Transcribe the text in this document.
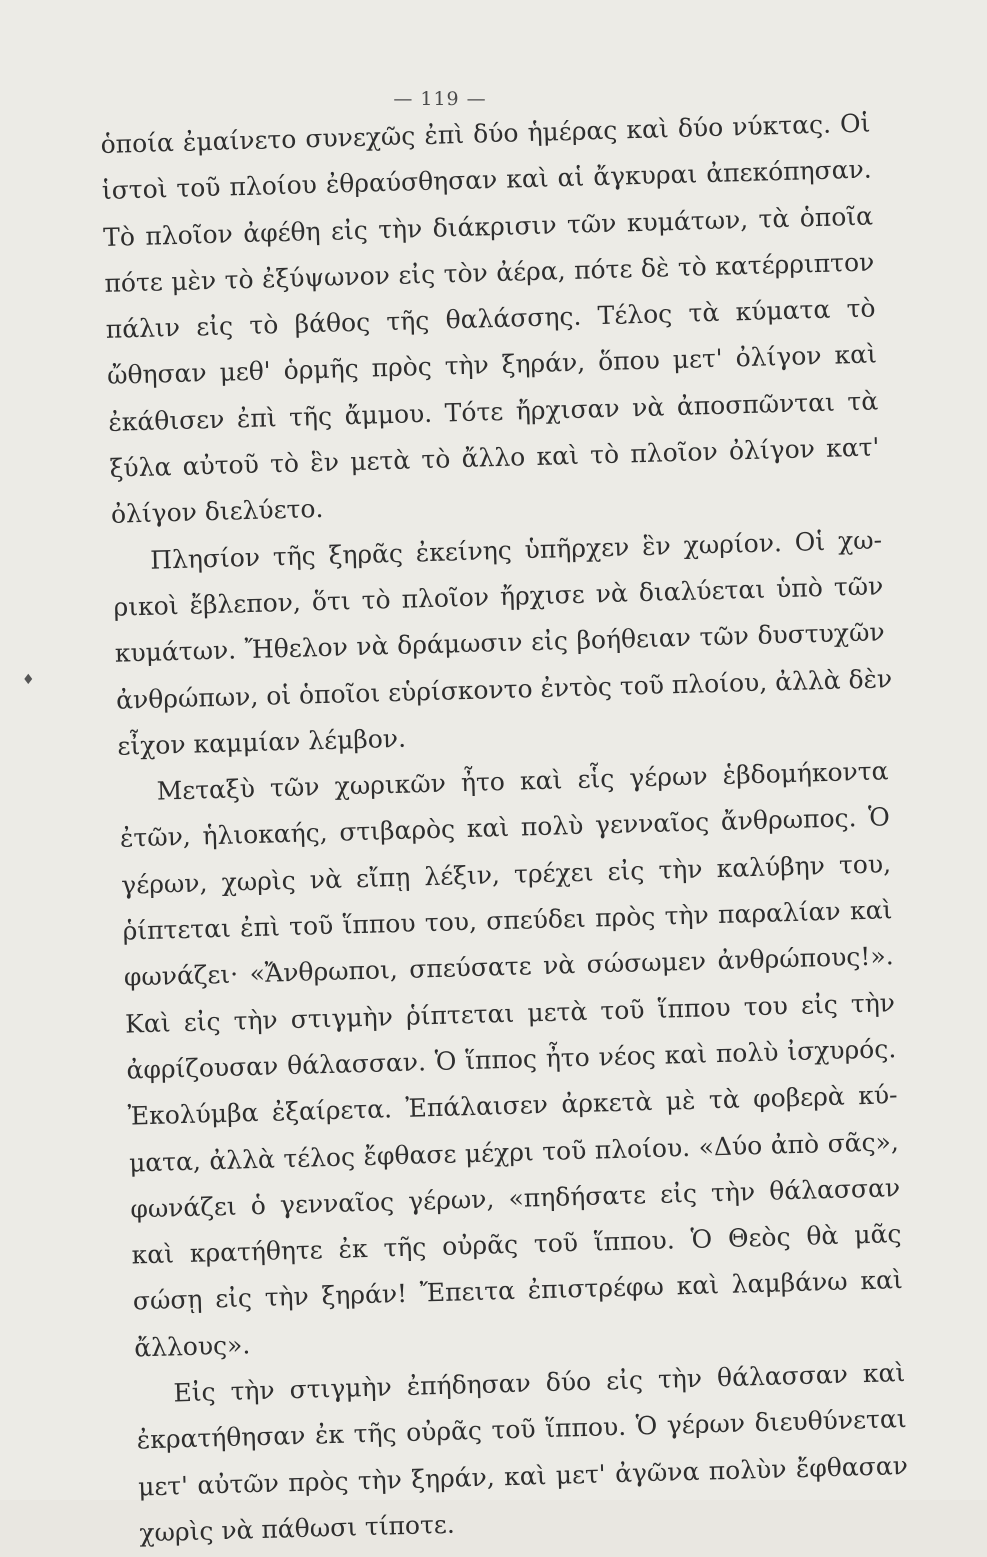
— 119 —
♦
ὁποία ἐμαίνετο συνεχῶς ἐπὶ δύο ἡμέρας καὶ δύο νύκτας. Οἱ
ἱστοὶ τοῦ πλοίου ἐθραύσθησαν καὶ αἱ ἄγκυραι ἀπεκόπησαν.
Τὸ πλοῖον ἀφέθη εἰς τὴν διάκρισιν τῶν κυμάτων, τὰ ὁποῖα
πότε μὲν τὸ ἐξύψωνον εἰς τὸν ἀέρα, πότε δὲ τὸ κατέρριπτον
πάλιν εἰς τὸ βάθος τῆς θαλάσσης. Τέλος τὰ κύματα τὸ
ὤθησαν μεθ' ὁρμῆς πρὸς τὴν ξηράν, ὅπου μετ' ὀλίγον καὶ
ἐκάθισεν ἐπὶ τῆς ἄμμου. Τότε ἤρχισαν νὰ ἀποσπῶνται τὰ
ξύλα αὐτοῦ τὸ ἓν μετὰ τὸ ἄλλο καὶ τὸ πλοῖον ὀλίγον κατ'
ὀλίγον διελύετο.
Πλησίον τῆς ξηρᾶς ἐκείνης ὑπῆρχεν ἓν χωρίον. Οἱ χω-
ρικοὶ ἔβλεπον, ὅτι τὸ πλοῖον ἤρχισε νὰ διαλύεται ὑπὸ τῶν
κυμάτων. Ἤθελον νὰ δράμωσιν εἰς βοήθειαν τῶν δυστυχῶν
ἀνθρώπων, οἱ ὁποῖοι εὑρίσκοντο ἐντὸς τοῦ πλοίου, ἀλλὰ δὲν
εἶχον καμμίαν λέμβον.
Μεταξὺ τῶν χωρικῶν ἦτο καὶ εἷς γέρων ἑβδομήκοντα
ἐτῶν, ἡλιοκαής, στιβαρὸς καὶ πολὺ γενναῖος ἄνθρωπος. Ὁ
γέρων, χωρὶς νὰ εἴπῃ λέξιν, τρέχει εἰς τὴν καλύβην του,
ῥίπτεται ἐπὶ τοῦ ἵππου του, σπεύδει πρὸς τὴν παραλίαν καὶ
φωνάζει· «Ἄνθρωποι, σπεύσατε νὰ σώσωμεν ἀνθρώπους!».
Καὶ εἰς τὴν στιγμὴν ῥίπτεται μετὰ τοῦ ἵππου του εἰς τὴν
ἀφρίζουσαν θάλασσαν. Ὁ ἵππος ἦτο νέος καὶ πολὺ ἰσχυρός.
Ἐκολύμβα ἐξαίρετα. Ἐπάλαισεν ἀρκετὰ μὲ τὰ φοβερὰ κύ-
ματα, ἀλλὰ τέλος ἔφθασε μέχρι τοῦ πλοίου. «Δύο ἀπὸ σᾶς»,
φωνάζει ὁ γενναῖος γέρων, «πηδήσατε εἰς τὴν θάλασσαν
καὶ κρατήθητε ἐκ τῆς οὐρᾶς τοῦ ἵππου. Ὁ Θεὸς θὰ μᾶς
σώσῃ εἰς τὴν ξηράν! Ἔπειτα ἐπιστρέφω καὶ λαμβάνω καὶ
ἄλλους».
Εἰς τὴν στιγμὴν ἐπήδησαν δύο εἰς τὴν θάλασσαν καὶ
ἐκρατήθησαν ἐκ τῆς οὐρᾶς τοῦ ἵππου. Ὁ γέρων διευθύνεται
μετ' αὐτῶν πρὸς τὴν ξηράν, καὶ μετ' ἀγῶνα πολὺν ἔφθασαν
χωρὶς νὰ πάθωσι τίποτε.
